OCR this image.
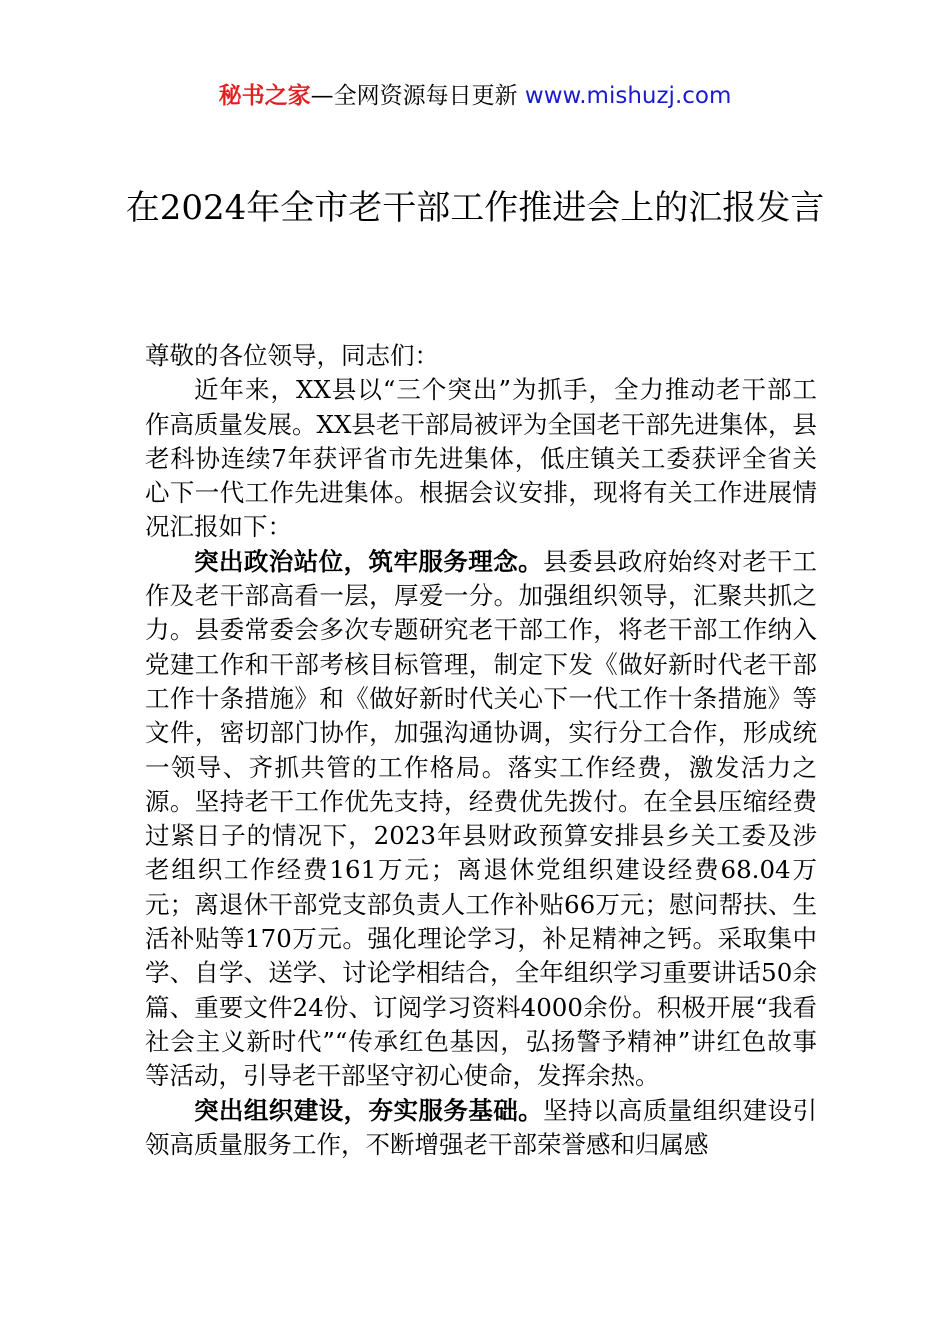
秘书之家—全网资源每日更新 www.mishuzj.com
在2024年全市老干部工作推进会上的汇报发言

尊敬的各位领导，同志们：

近年来，XX县以“三个突出”为抓手，全力推动老干部工作高质量发展。XX县老干部局被评为全国老干部先进集体，县老科协连续7年获评省市先进集体，低庄镇关工委获评全省关心下一代工作先进集体。根据会议安排，现将有关工作进展情况汇报如下：

突出政治站位，筑牢服务理念。县委县政府始终对老干工作及老干部高看一层，厚爱一分。加强组织领导，汇聚共抓之力。县委常委会多次专题研究老干部工作，将老干部工作纳入党建工作和干部考核目标管理，制定下发《做好新时代老干部工作十条措施》和《做好新时代关心下一代工作十条措施》等文件，密切部门协作，加强沟通协调，实行分工合作，形成统一领导、齐抓共管的工作格局。落实工作经费，激发活力之源。坚持老干工作优先支持，经费优先拨付。在全县压缩经费过紧日子的情况下，2023年县财政预算安排县乡关工委及涉老组织工作经费161万元；离退休党组织建设经费68.04万元；离退休干部党支部负责人工作补贴66万元；慰问帮扶、生活补贴等170万元。强化理论学习，补足精神之钙。采取集中学、自学、送学、讨论学相结合，全年组织学习重要讲话50余篇、重要文件24份、订阅学习资料4000余份。积极开展“我看社会主义新时代”“传承红色基因，弘扬警予精神”讲红色故事等活动，引导老干部坚守初心使命，发挥余热。

突出组织建设，夯实服务基础。坚持以高质量组织建设引领高质量服务工作，不断增强老干部荣誉感和归属感
